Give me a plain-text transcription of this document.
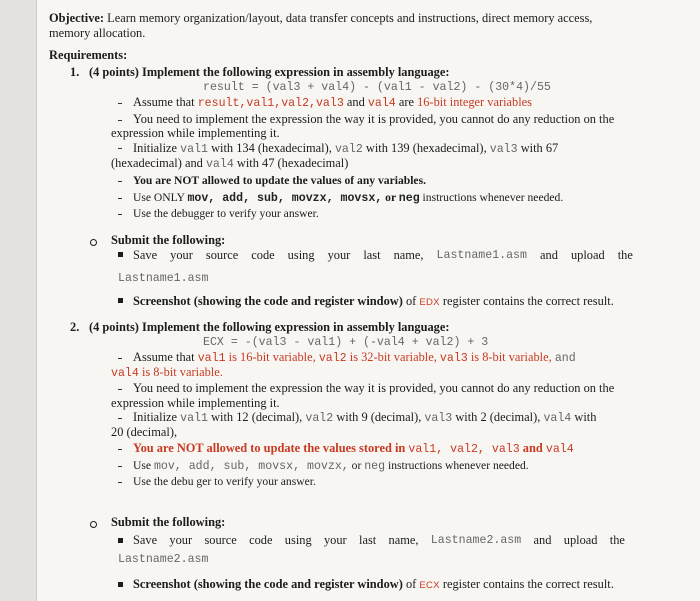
Objective: Learn memory organization/layout, data transfer concepts and instructions, direct memory access,
memory allocation.
Requirements:
1. (4 points) Implement the following expression in assembly language:
result = (val3 + val4) - (val1 - val2) - (30*4)/55
Assume that result,val1,val2,val3 and val4 are 16-bit integer variables
You need to implement the expression the way it is provided, you cannot do any reduction on the
expression while implementing it.
Initialize val1 with 134 (hexadecimal), val2 with 139 (hexadecimal), val3 with 67
(hexadecimal) and val4 with 47 (hexadecimal)
You are NOT allowed to update the values of any variables.
Use ONLY mov, add, sub, movzx, movsx, or neg instructions whenever needed.
Use the debugger to verify your answer.
Submit the following:
Save your source code using your last name, Lastname1.asm and upload the
Lastname1.asm
Screenshot (showing the code and register window) of EDX register contains the correct result.
2. (4 points) Implement the following expression in assembly language:
ECX = -(val3 - val1) + (-val4 + val2) + 3
Assume that val1 is 16-bit variable, val2 is 32-bit variable, val3 is 8-bit variable, and
val4 is 8-bit variable.
You need to implement the expression the way it is provided, you cannot do any reduction on the
expression while implementing it.
Initialize val1 with 12 (decimal), val2 with 9 (decimal), val3 with 2 (decimal), val4 with
20 (decimal),
You are NOT allowed to update the values stored in val1, val2, val3 and val4
Use mov, add, sub, movsx, movzx, or neg instructions whenever needed.
Use the debu ger to verify your answer.
Submit the following:
Save your source code using your last name, Lastname2.asm and upload the
Lastname2.asm
Screenshot (showing the code and register window) of ECX register contains the correct result.
